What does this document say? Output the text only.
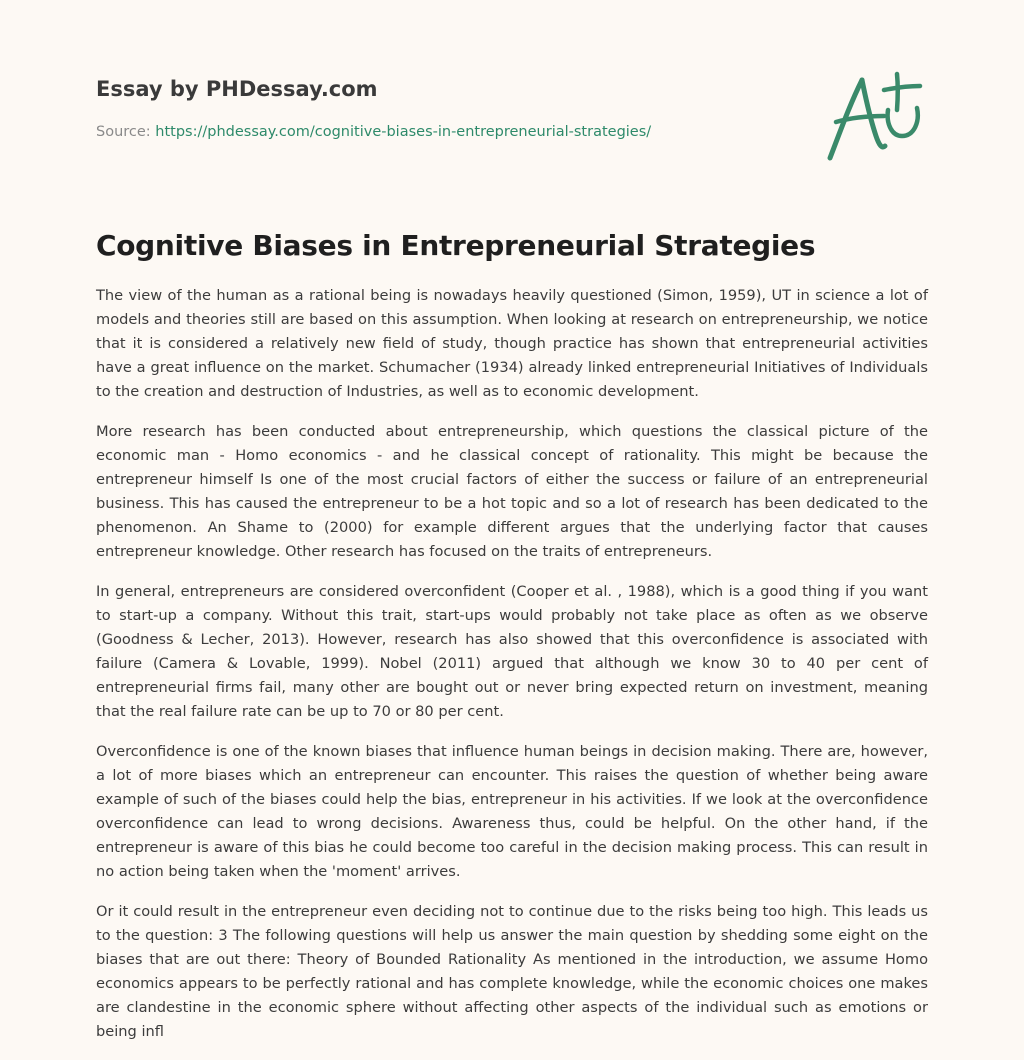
Essay by PHDessay.com

Source: https://phdessay.com/cognitive-biases-in-entrepreneurial-strategies/
Cognitive Biases in Entrepreneurial Strategies

The view of the human as a rational being is nowadays heavily questioned (Simon, 1959), UT in science a lot of models and theories still are based on this assumption. When looking at research on entrepreneurship, we notice that it is considered a relatively new field of study, though practice has shown that entrepreneurial activities have a great influence on the market. Schumacher (1934) already linked entrepreneurial Initiatives of Individuals to the creation and destruction of Industries, as well as to economic development.

More research has been conducted about entrepreneurship, which questions the classical picture of the economic man - Homo economics - and he classical concept of rationality. This might be because the entrepreneur himself Is one of the most crucial factors of either the success or failure of an entrepreneurial business. This has caused the entrepreneur to be a hot topic and so a lot of research has been dedicated to the phenomenon. An Shame to (2000) for example different argues that the underlying factor that causes entrepreneur knowledge. Other research has focused on the traits of entrepreneurs.

In general, entrepreneurs are considered overconfident (Cooper et al. , 1988), which is a good thing if you want to start-up a company. Without this trait, start-ups would probably not take place as often as we observe (Goodness & Lecher, 2013). However, research has also showed that this overconfidence is associated with failure (Camera & Lovable, 1999). Nobel (2011) argued that although we know 30 to 40 per cent of entrepreneurial firms fail, many other are bought out or never bring expected return on investment, meaning that the real failure rate can be up to 70 or 80 per cent.

Overconfidence is one of the known biases that influence human beings in decision making. There are, however, a lot of more biases which an entrepreneur can encounter. This raises the question of whether being aware example of such of the biases could help the bias, entrepreneur in his activities. If we look at the overconfidence overconfidence can lead to wrong decisions. Awareness thus, could be helpful. On the other hand, if the entrepreneur is aware of this bias he could become too careful in the decision making process. This can result in no action being taken when the 'moment' arrives.

Or it could result in the entrepreneur even deciding not to continue due to the risks being too high. This leads us to the question: 3 The following questions will help us answer the main question by shedding some eight on the biases that are out there: Theory of Bounded Rationality As mentioned in the introduction, we assume Homo economics appears to be perfectly rational and has complete knowledge, while the economic choices one makes are clandestine in the economic sphere without affecting other aspects of the individual such as emotions or being infl
